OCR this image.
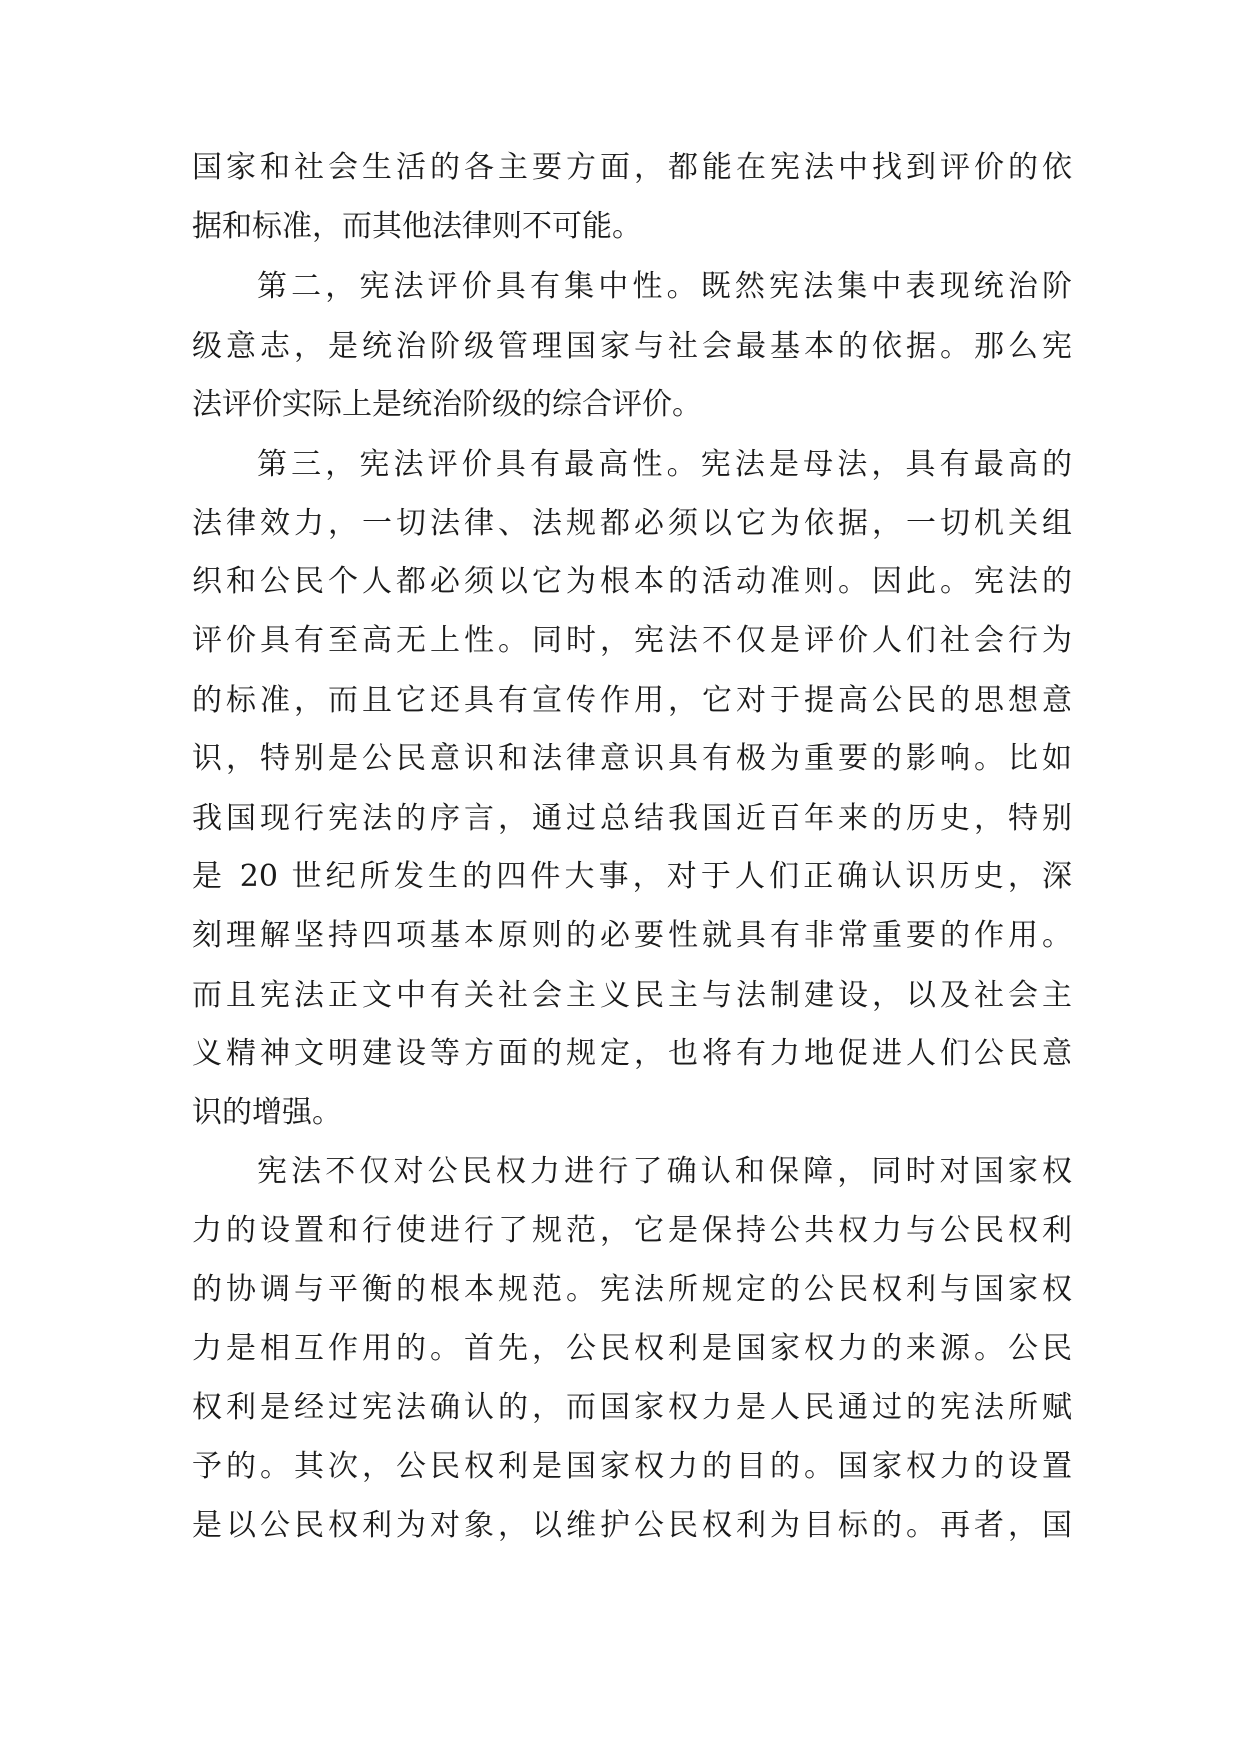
国家和社会生活的各主要方面，都能在宪法中找到评价的依
据和标准，而其他法律则不可能。
第二，宪法评价具有集中性。既然宪法集中表现统治阶
级意志，是统治阶级管理国家与社会最基本的依据。那么宪
法评价实际上是统治阶级的综合评价。
第三，宪法评价具有最高性。宪法是母法，具有最高的
法律效力，一切法律、法规都必须以它为依据，一切机关组
织和公民个人都必须以它为根本的活动准则。因此。宪法的
评价具有至高无上性。同时，宪法不仅是评价人们社会行为
的标准，而且它还具有宣传作用，它对于提高公民的思想意
识，特别是公民意识和法律意识具有极为重要的影响。比如
我国现行宪法的序言，通过总结我国近百年来的历史，特别
是 20 世纪所发生的四件大事，对于人们正确认识历史，深
刻理解坚持四项基本原则的必要性就具有非常重要的作用。
而且宪法正文中有关社会主义民主与法制建设，以及社会主
义精神文明建设等方面的规定，也将有力地促进人们公民意
识的增强。
宪法不仅对公民权力进行了确认和保障，同时对国家权
力的设置和行使进行了规范，它是保持公共权力与公民权利
的协调与平衡的根本规范。宪法所规定的公民权利与国家权
力是相互作用的。首先，公民权利是国家权力的来源。公民
权利是经过宪法确认的，而国家权力是人民通过的宪法所赋
予的。其次，公民权利是国家权力的目的。国家权力的设置
是以公民权利为对象，以维护公民权利为目标的。再者，国
